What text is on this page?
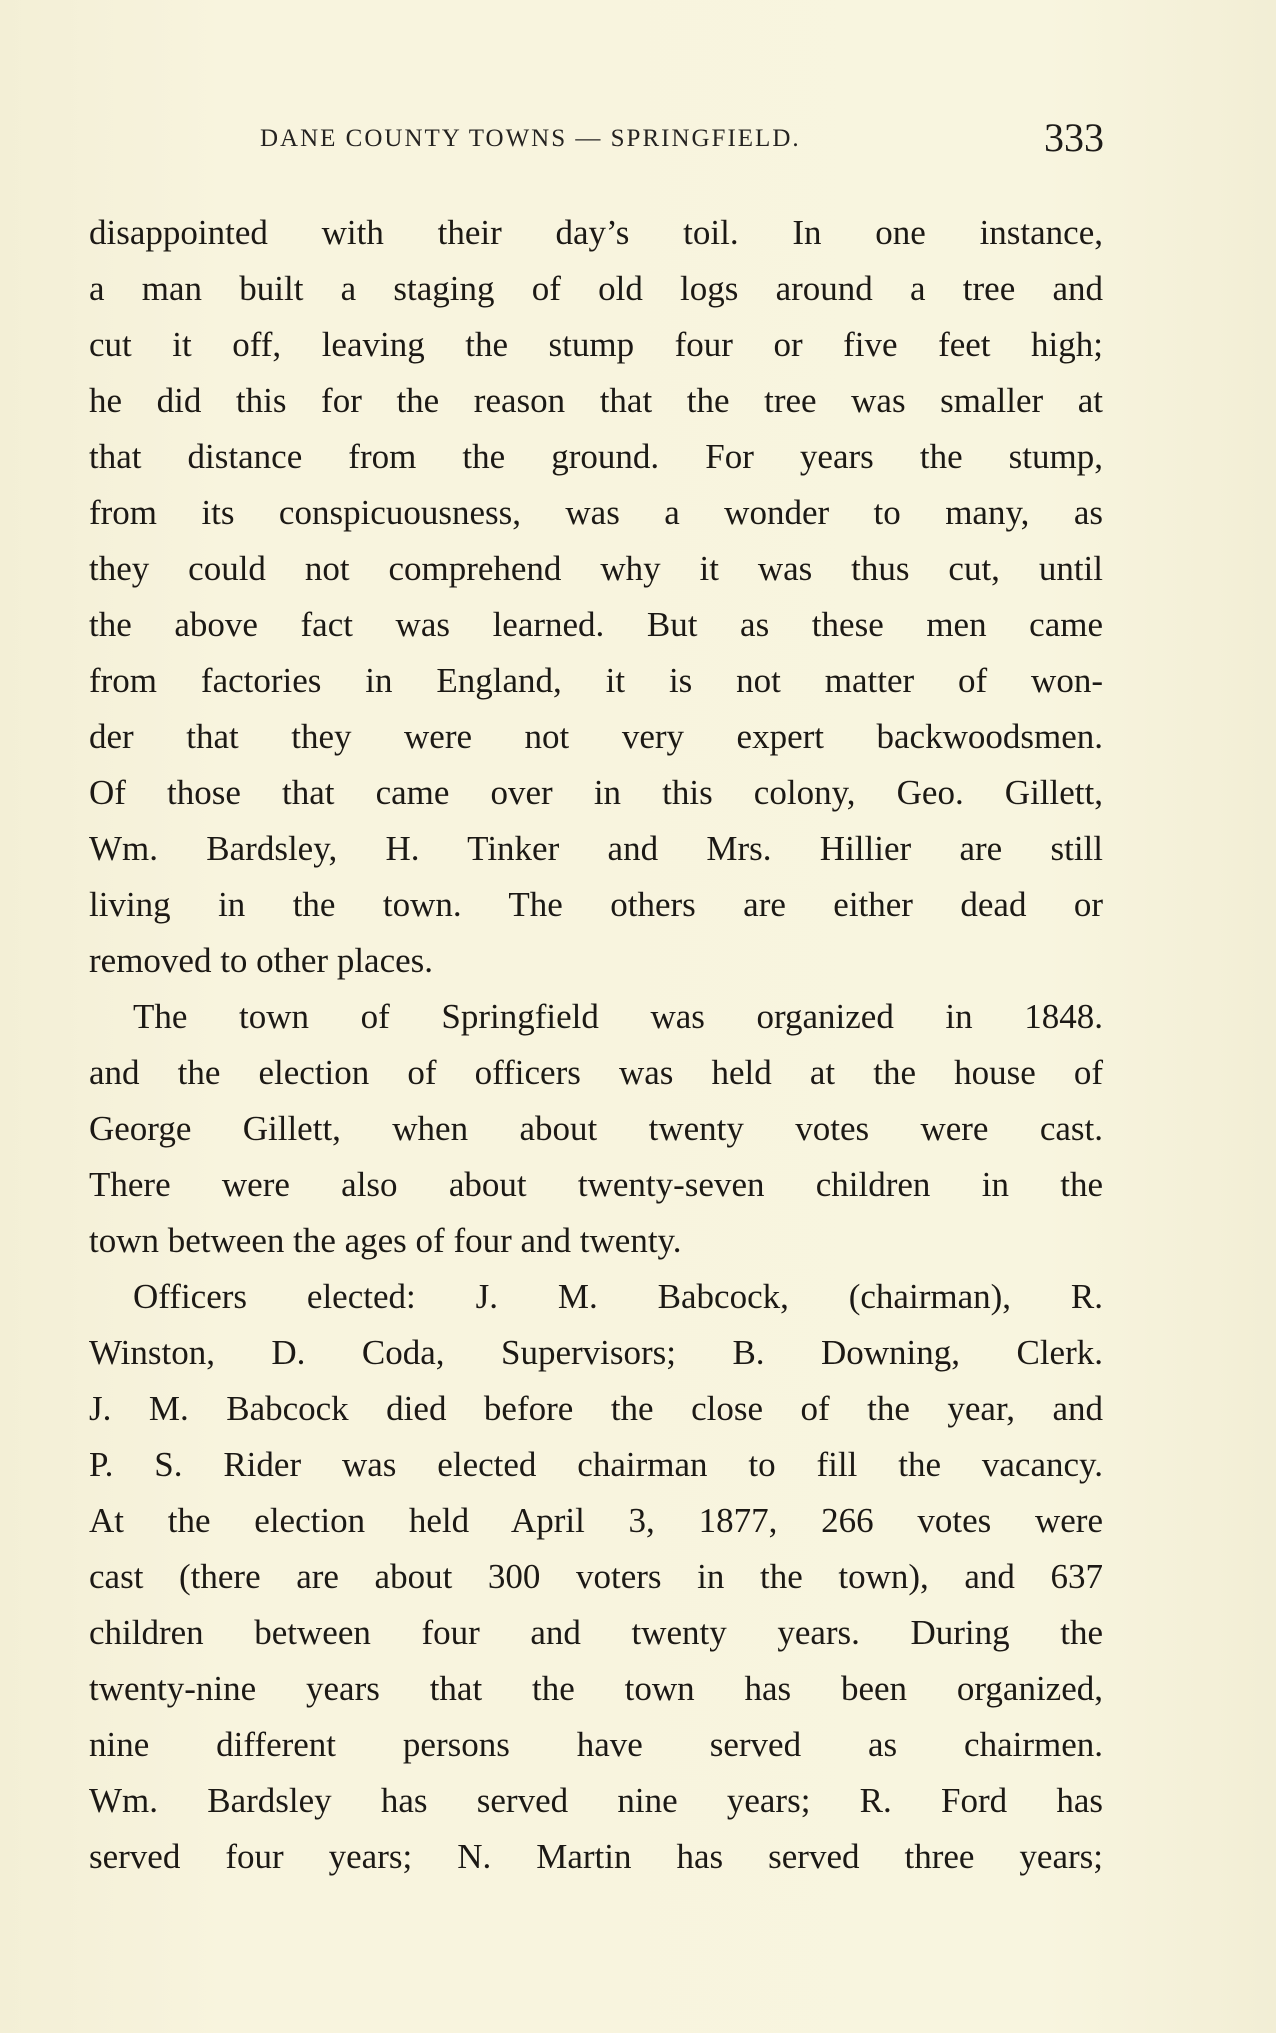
DANE COUNTY TOWNS — SPRINGFIELD.	333
disappointed with their day’s toil. In one instance,
a man built a staging of old logs around a tree and
cut it off, leaving the stump four or five feet high;
he did this for the reason that the tree was smaller at
that distance from the ground. For years the stump,
from its conspicuousness, was a wonder to many, as
they could not comprehend why it was thus cut, until
the above fact was learned. But as these men came
from factories in England, it is not matter of won-
der that they were not very expert backwoodsmen.
Of those that came over in this colony, Geo. Gillett,
Wm. Bardsley, H. Tinker and Mrs. Hillier are still
living in the town. The others are either dead or
removed to other places.
The town of Springfield was organized in 1848.
and the election of officers was held at the house of
George Gillett, when about twenty votes were cast.
There were also about twenty-seven children in the
town between the ages of four and twenty.
Officers elected: J. M. Babcock, (chairman), R.
Winston, D. Coda, Supervisors; B. Downing, Clerk.
J. M. Babcock died before the close of the year, and
P. S. Rider was elected chairman to fill the vacancy.
At the election held April 3, 1877, 266 votes were
cast (there are about 300 voters in the town), and 637
children between four and twenty years. During the
twenty-nine years that the town has been organized,
nine different persons have served as chairmen.
Wm. Bardsley has served nine years; R. Ford has
served four years; N. Martin has served three years;
